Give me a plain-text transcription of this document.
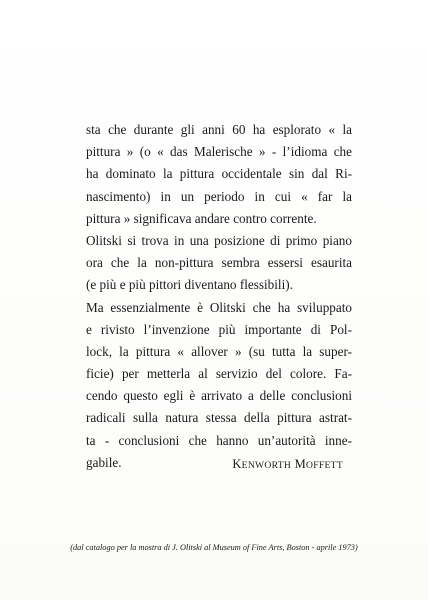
sta che durante gli anni 60 ha esplorato « la
pittura » (o « das Malerische » - l’idioma che
ha dominato la pittura occidentale sin dal Ri-
nascimento) in un periodo in cui « far la
pittura » significava andare contro corrente.
Olitski si trova in una posizione di primo piano
ora che la non-pittura sembra essersi esaurita
(e più e più pittori diventano flessibili).
Ma essenzialmente è Olitski che ha sviluppato
e rivisto l’invenzione più importante di Pol-
lock, la pittura « allover » (su tutta la super-
ficie) per metterla al servizio del colore. Fa-
cendo questo egli è arrivato a delle conclusioni
radicali sulla natura stessa della pittura astrat-
ta - conclusioni che hanno un’autorità inne-
gabile.	KENWORTH MOFFETT
(dal catalogo per la mostra di J. Olitski al Museum of Fine Arts, Boston - aprile 1973)
